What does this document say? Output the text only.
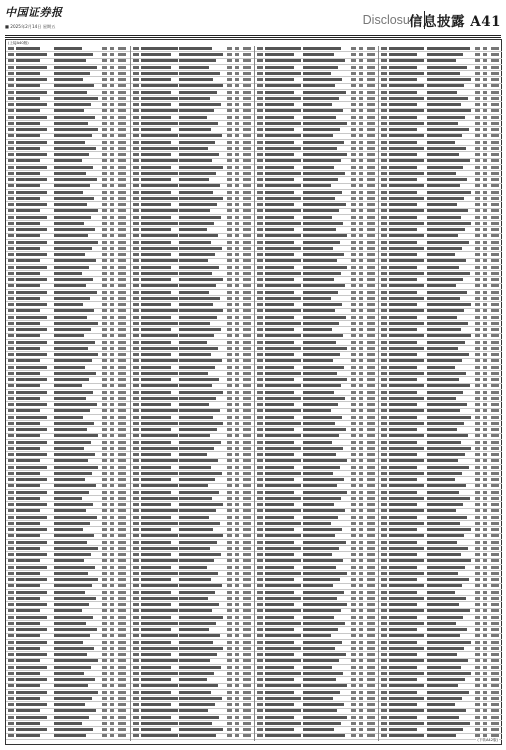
中国证券报
■ 2025年2月14日 星期五	Disclosure
信息披露 A41
(上接A40版)
(下转A42版)
